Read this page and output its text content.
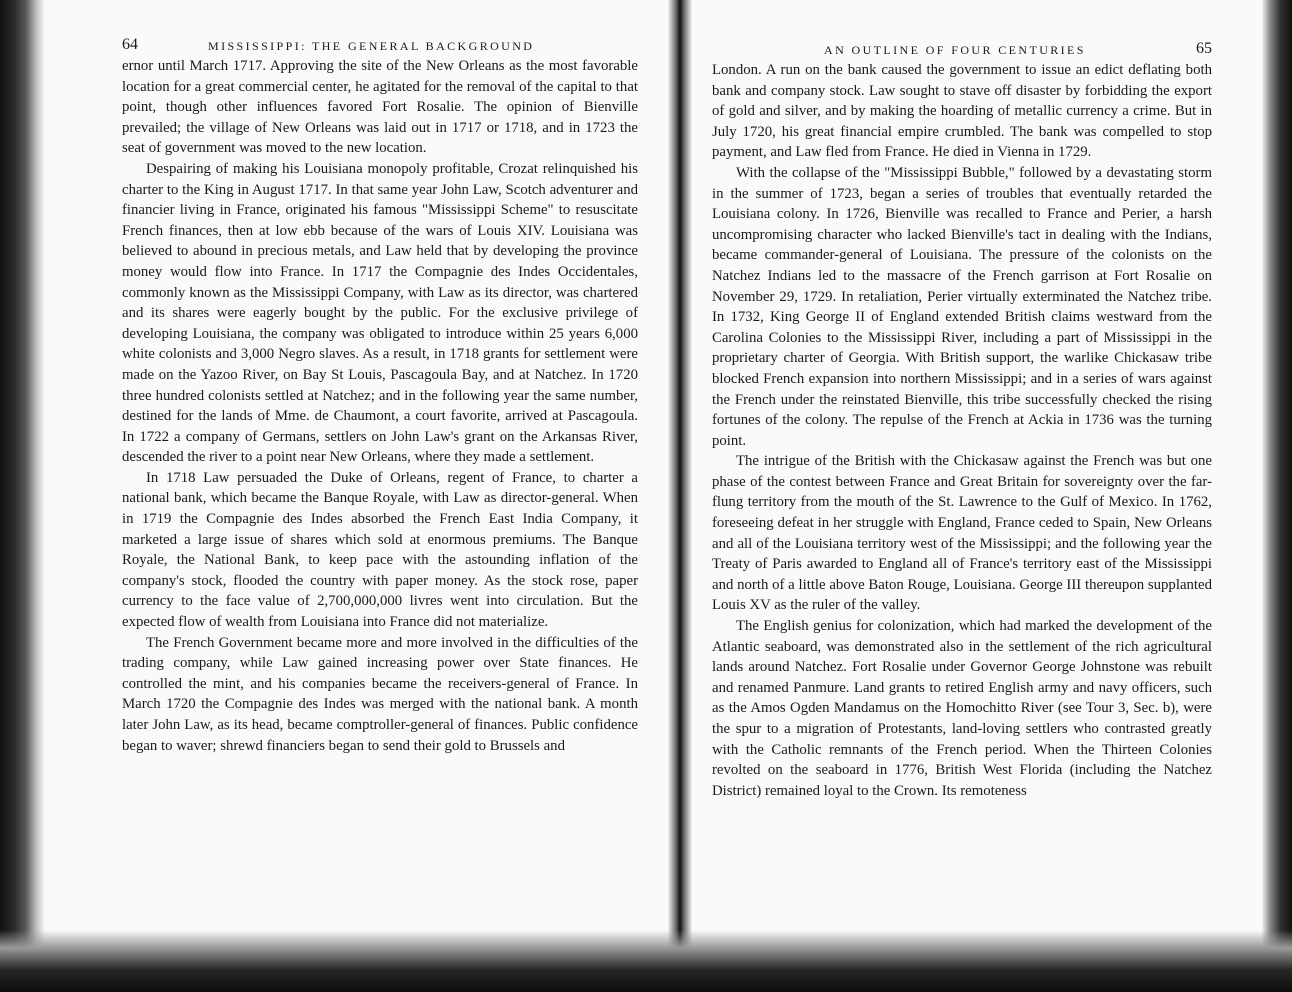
64	MISSISSIPPI: THE GENERAL BACKGROUND

ernor until March 1717. Approving the site of the New Orleans as the most favorable location for a great commercial center, he agitated for the removal of the capital to that point, though other influences favored Fort Rosalie. The opinion of Bienville prevailed; the village of New Orleans was laid out in 1717 or 1718, and in 1723 the seat of government was moved to the new location.

Despairing of making his Louisiana monopoly profitable, Crozat relinquished his charter to the King in August 1717. In that same year John Law, Scotch adventurer and financier living in France, originated his famous "Mississippi Scheme" to resuscitate French finances, then at low ebb because of the wars of Louis XIV. Louisiana was believed to abound in precious metals, and Law held that by developing the province money would flow into France. In 1717 the Compagnie des Indes Occidentales, commonly known as the Mississippi Company, with Law as its director, was chartered and its shares were eagerly bought by the public. For the exclusive privilege of developing Louisiana, the company was obligated to introduce within 25 years 6,000 white colonists and 3,000 Negro slaves. As a result, in 1718 grants for settlement were made on the Yazoo River, on Bay St Louis, Pascagoula Bay, and at Natchez. In 1720 three hundred colonists settled at Natchez; and in the following year the same number, destined for the lands of Mme. de Chaumont, a court favorite, arrived at Pascagoula. In 1722 a company of Germans, settlers on John Law's grant on the Arkansas River, descended the river to a point near New Orleans, where they made a settlement.

In 1718 Law persuaded the Duke of Orleans, regent of France, to charter a national bank, which became the Banque Royale, with Law as director-general. When in 1719 the Compagnie des Indes absorbed the French East India Company, it marketed a large issue of shares which sold at enormous premiums. The Banque Royale, the National Bank, to keep pace with the astounding inflation of the company's stock, flooded the country with paper money. As the stock rose, paper currency to the face value of 2,700,000,000 livres went into circulation. But the expected flow of wealth from Louisiana into France did not materialize.

The French Government became more and more involved in the difficulties of the trading company, while Law gained increasing power over State finances. He controlled the mint, and his companies became the receivers-general of France. In March 1720 the Compagnie des Indes was merged with the national bank. A month later John Law, as its head, became comptroller-general of finances. Public confidence began to waver; shrewd financiers began to send their gold to Brussels and

AN OUTLINE OF FOUR CENTURIES	65

London. A run on the bank caused the government to issue an edict deflating both bank and company stock. Law sought to stave off disaster by forbidding the export of gold and silver, and by making the hoarding of metallic currency a crime. But in July 1720, his great financial empire crumbled. The bank was compelled to stop payment, and Law fled from France. He died in Vienna in 1729.

With the collapse of the "Mississippi Bubble," followed by a devastating storm in the summer of 1723, began a series of troubles that eventually retarded the Louisiana colony. In 1726, Bienville was recalled to France and Perier, a harsh uncompromising character who lacked Bienville's tact in dealing with the Indians, became commander-general of Louisiana. The pressure of the colonists on the Natchez Indians led to the massacre of the French garrison at Fort Rosalie on November 29, 1729. In retaliation, Perier virtually exterminated the Natchez tribe. In 1732, King George II of England extended British claims westward from the Carolina Colonies to the Mississippi River, including a part of Mississippi in the proprietary charter of Georgia. With British support, the warlike Chickasaw tribe blocked French expansion into northern Mississippi; and in a series of wars against the French under the reinstated Bienville, this tribe successfully checked the rising fortunes of the colony. The repulse of the French at Ackia in 1736 was the turning point.

The intrigue of the British with the Chickasaw against the French was but one phase of the contest between France and Great Britain for sovereignty over the far-flung territory from the mouth of the St. Lawrence to the Gulf of Mexico. In 1762, foreseeing defeat in her struggle with England, France ceded to Spain, New Orleans and all of the Louisiana territory west of the Mississippi; and the following year the Treaty of Paris awarded to England all of France's territory east of the Mississippi and north of a little above Baton Rouge, Louisiana. George III thereupon supplanted Louis XV as the ruler of the valley.

The English genius for colonization, which had marked the development of the Atlantic seaboard, was demonstrated also in the settlement of the rich agricultural lands around Natchez. Fort Rosalie under Governor George Johnstone was rebuilt and renamed Panmure. Land grants to retired English army and navy officers, such as the Amos Ogden Mandamus on the Homochitto River (see Tour 3, Sec. b), were the spur to a migration of Protestants, land-loving settlers who contrasted greatly with the Catholic remnants of the French period. When the Thirteen Colonies revolted on the seaboard in 1776, British West Florida (including the Natchez District) remained loyal to the Crown. Its remoteness
